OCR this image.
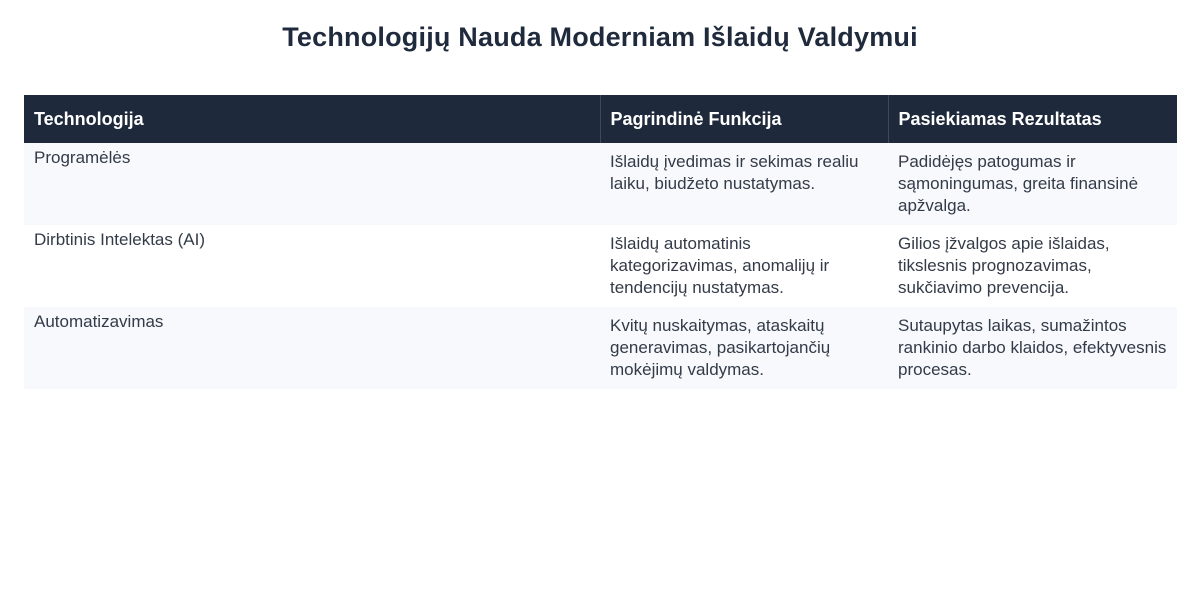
Technologijų Nauda Moderniam Išlaidų Valdymui
Technologija	Pagrindinė Funkcija	Pasiekiamas Rezultatas
Programėlės	Išlaidų įvedimas ir sekimas realiu laiku, biudžeto nustatymas.	Padidėjęs patogumas ir sąmoningumas, greita finansinė apžvalga.
Dirbtinis Intelektas (AI)	Išlaidų automatinis kategorizavimas, anomalijų ir tendencijų nustatymas.	Gilios įžvalgos apie išlaidas, tikslesnis prognozavimas, sukčiavimo prevencija.
Automatizavimas	Kvitų nuskaitymas, ataskaitų generavimas, pasikartojančių mokėjimų valdymas.	Sutaupytas laikas, sumažintos rankinio darbo klaidos, efektyvesnis procesas.
